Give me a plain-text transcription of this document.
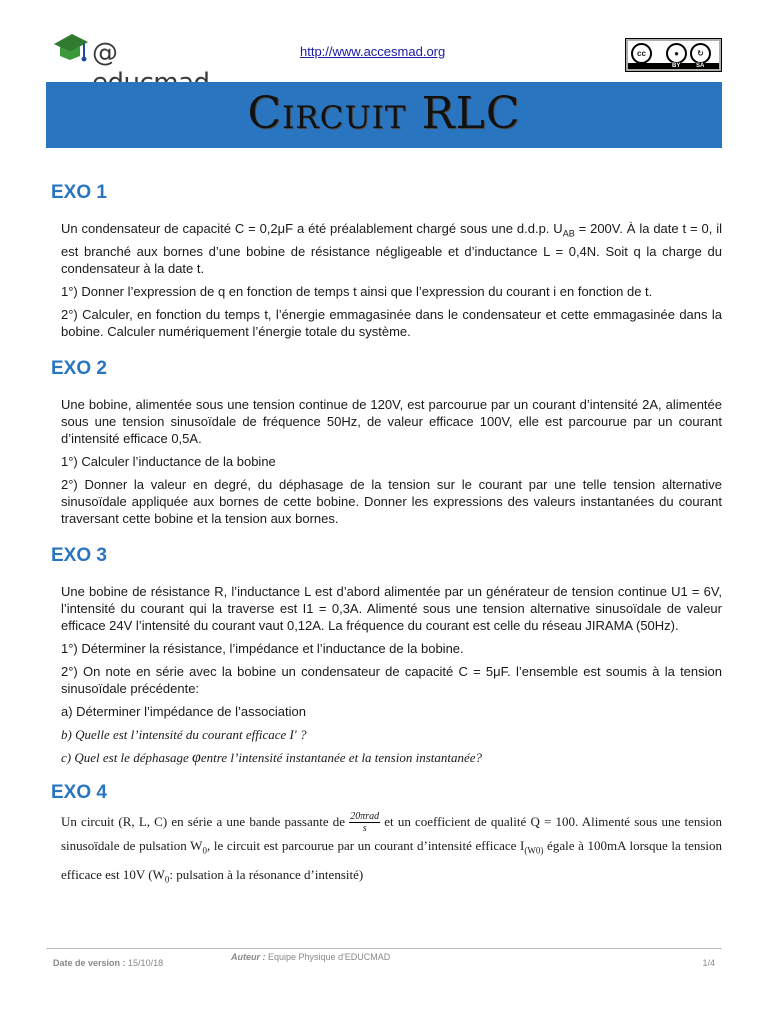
@	http://www.accesmad.org	cc	●	↻
BY	SA
Circuit RLC
EXO 1

Un condensateur de capacité C = 0,2μF a été préalablement chargé sous une d.d.p. $U_{AB} = 200V$. À la date t = 0, il est branché aux bornes d’une bobine de résistance négligeable et d’inductance L = 0,4N. Soit q la charge du condensateur à la date t.

1°) Donner l’expression de q en fonction de temps t ainsi que l’expression du courant i en fonction de t.

2°) Calculer, en fonction du temps t, l’énergie emmagasinée dans le condensateur et cette emmagasinée dans la bobine. Calculer numériquement l’énergie totale du système.

EXO 2

Une bobine, alimentée sous une tension continue de 120V, est parcourue par un courant d’intensité 2A, alimentée sous une tension sinusoïdale de fréquence 50Hz, de valeur efficace 100V, elle est parcourue par un courant d’intensité efficace 0,5A.

1°) Calculer l’inductance de la bobine

2°) Donner la valeur en degré, du déphasage de la tension sur le courant par une telle tension alternative sinusoïdale appliquée aux bornes de cette bobine. Donner les expressions des valeurs instantanées du courant traversant cette bobine et la tension aux bornes.

EXO 3

Une bobine de résistance R, l’inductance L est d’abord alimentée par un générateur de tension continue U1 = 6V, l’intensité du courant qui la traverse est I1 = 0,3A. Alimenté sous une tension alternative sinusoïdale de valeur efficace 24V l’intensité du courant vaut 0,12A. La fréquence du courant est celle du réseau JIRAMA (50Hz).

1°) Déterminer la résistance, l’impédance et l’inductance de la bobine.

2°) On note en série avec la bobine un condensateur de capacité C = 5μF. l’ensemble est soumis à la tension sinusoïdale précédente:

a) Déterminer l’impédance de l’association

b) Quelle est l’intensité du courant efficace I′ ?

c) Quel est le déphasage φentre l’intensité instantanée et la tension instantanée?

EXO 4

Un circuit (R, L, C) en série a une bande passante de $\frac{\text{20πrad}}{s}$ et un coefficient de qualité Q = 100. Alimenté sous une tension sinusoïdale de pulsation $W_0$, le circuit est parcourue par un courant d’intensité efficace $I_{(W0)}$ égale à 100mA lorsque la tension efficace est 10V ($W_0$: pulsation à la résonance d’intensité)

Date de version : 15/10/18
Auteur : Equipe Physique d'EDUCMAD
1/4
